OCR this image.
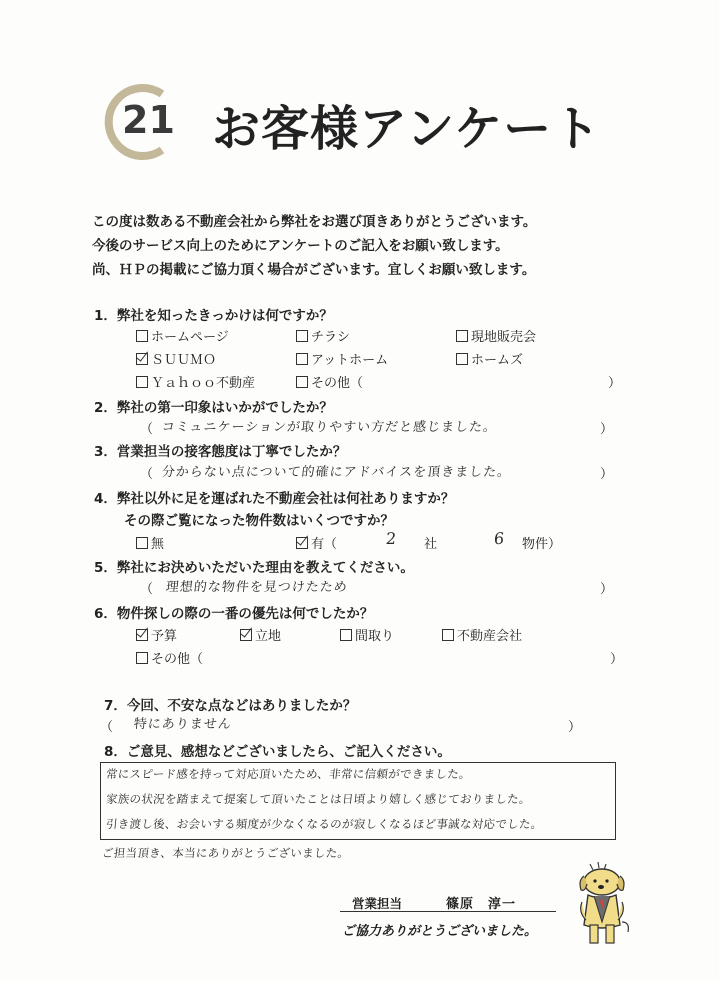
21 お客様アンケート
この度は数ある不動産会社から弊社をお選び頂きありがとうございます。
今後のサービス向上のためにアンケートのご記入をお願い致します。
尚、ＨＰの掲載にご協力頂く場合がございます。宜しくお願い致します。
1．弊社を知ったきっかけは何ですか？
ホームページ	チラシ	現地販売会
ＳＵＵＭＯ	アットホーム	ホームズ
Ｙａｈｏｏ不動産	その他（	）
2．弊社の第一印象はいかがでしたか？
（ コミュニケーションが取りやすい方だと感じました。	）
3．営業担当の接客態度は丁寧でしたか？
（ 分からない点について的確にアドバイスを頂きました。	）
4．弊社以外に足を運ばれた不動産会社は何社ありますか？
その際ご覧になった物件数はいくつですか？
無	有（	2 社	6 物件）
5．弊社にお決めいただいた理由を教えてください。
（ 理想的な物件を見つけたため	）
6．物件探しの際の一番の優先は何でしたか？
予算	立地	間取り	不動産会社
その他（	）
7．今回、不安な点などはありましたか？
（ 特にありません	）
8．ご意見、感想などございましたら、ご記入ください。
常にスピード感を持って対応頂いたため、非常に信頼ができました。
家族の状況を踏まえて提案して頂いたことは日頃より嬉しく感じておりました。
引き渡し後、お会いする頻度が少なくなるのが寂しくなるほど事誠な対応でした。
ご担当頂き、本当にありがとうございました。
営業担当	篠原　淳一
ご協力ありがとうございました。
